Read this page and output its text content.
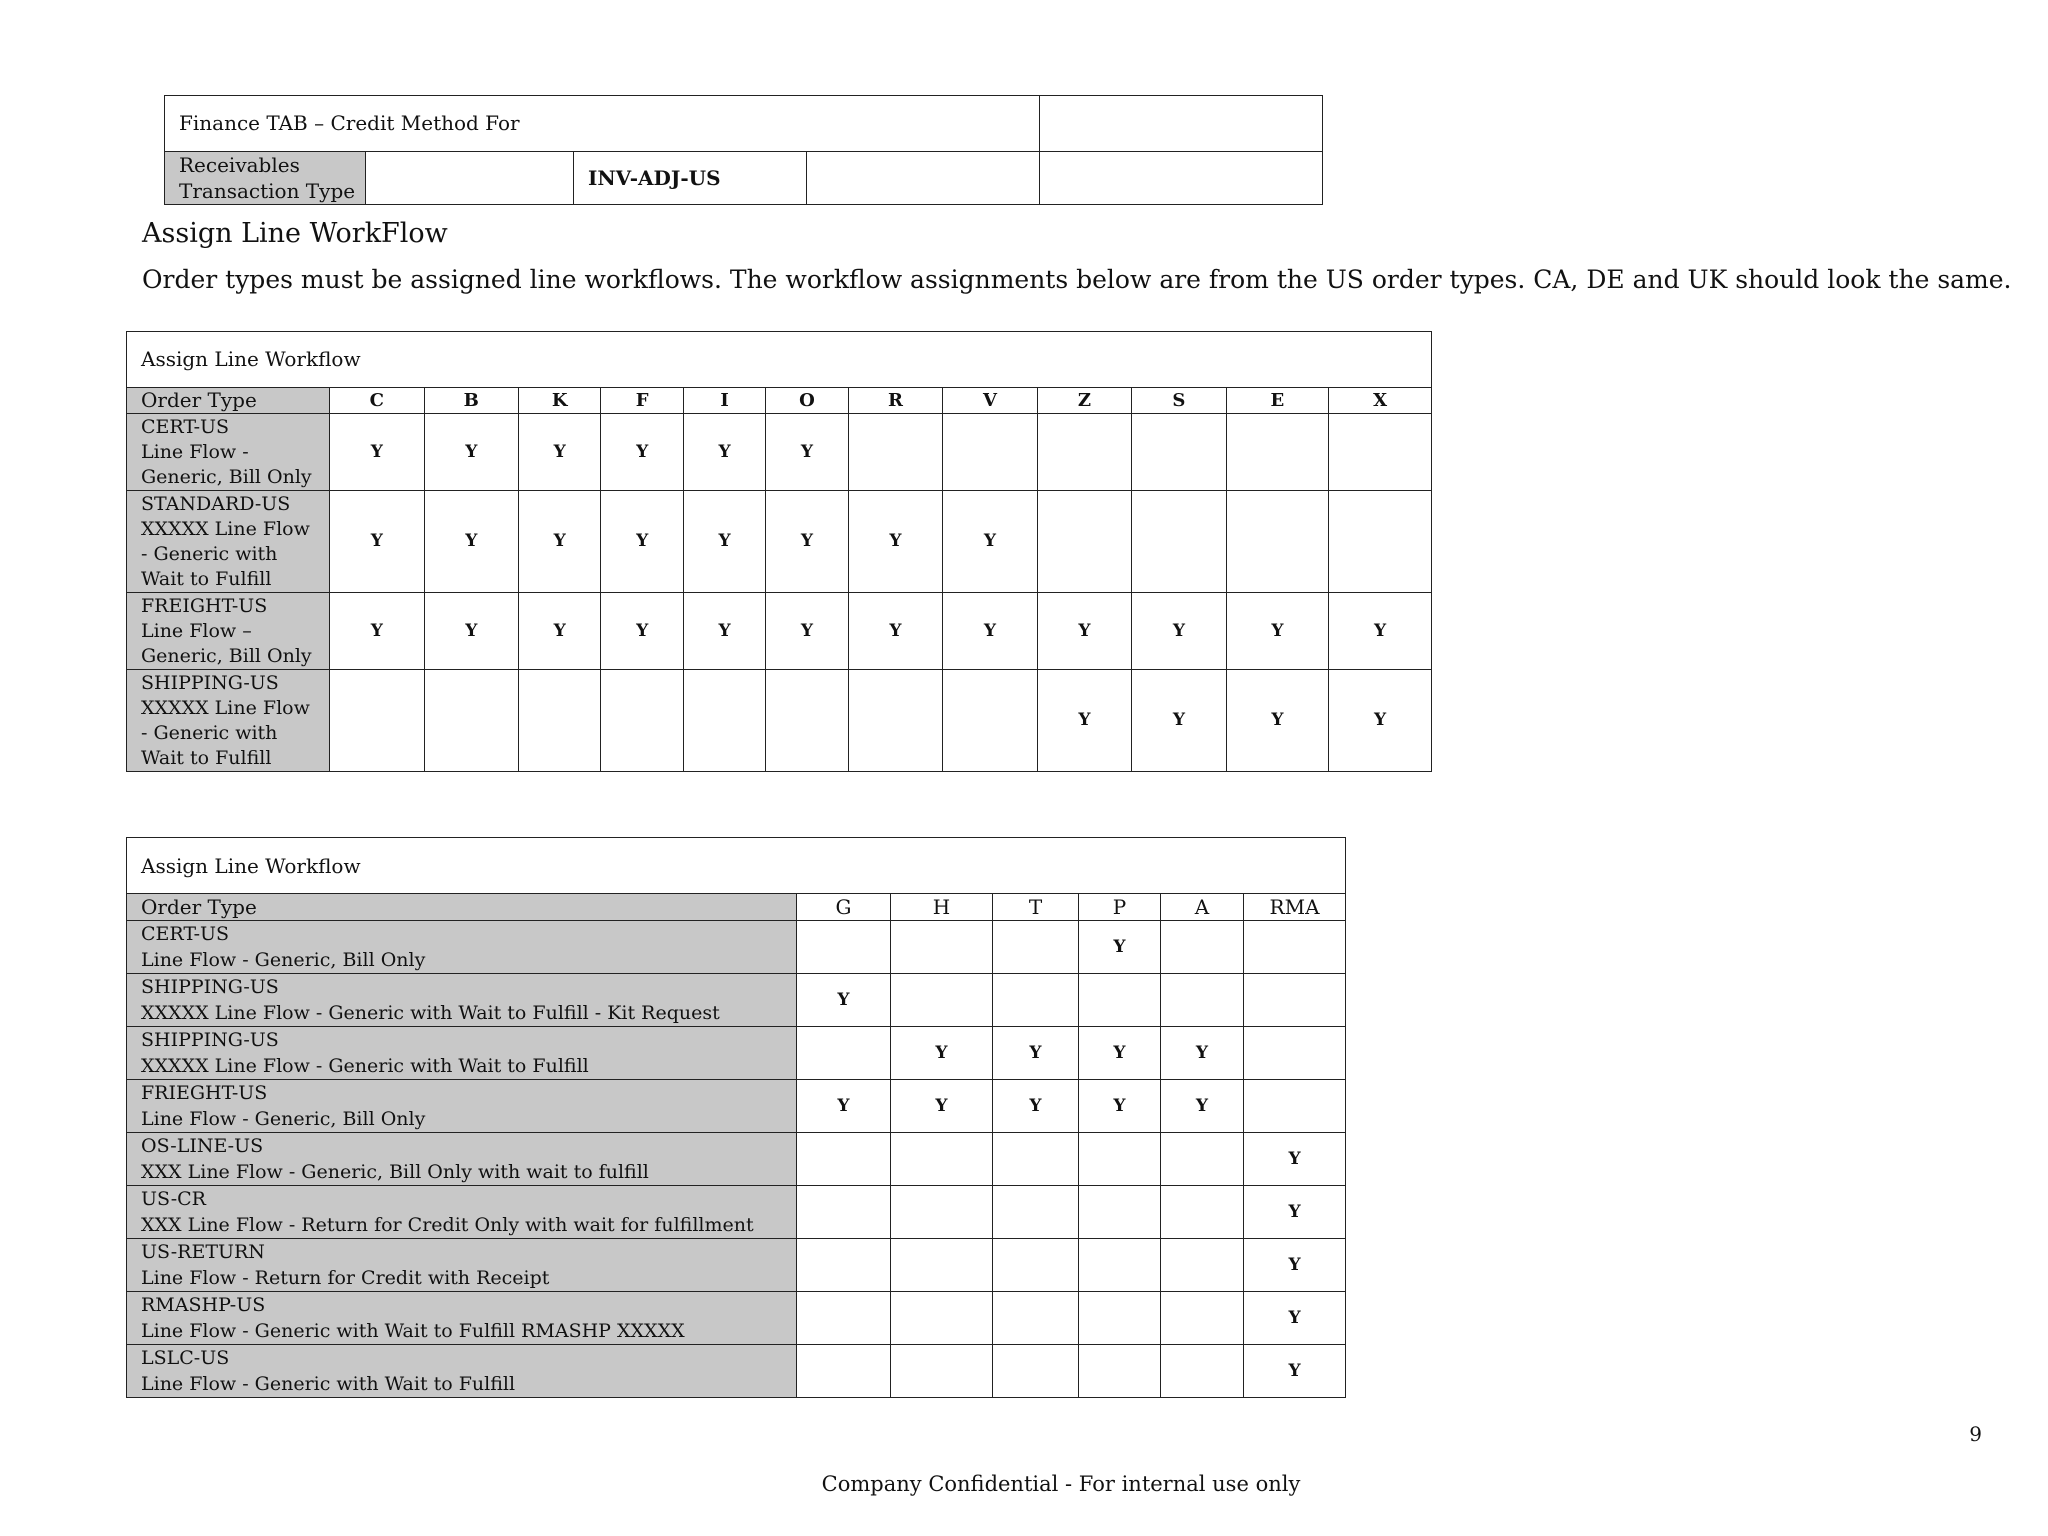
Finance TAB – Credit Method For				

Receivables
Transaction Type		INV-ADJ-US		

Assign Line WorkFlow

Order types must be assigned line workflows. The workflow assignments below are from the US order types. CA, DE and UK should look the same.

Assign Line Workflow												
Order Type	C	B	K	F	I	O	R	V	Z	S	E	X

CERT-US
Line Flow -
Generic, Bill Only	Y	Y	Y	Y	Y	Y						

STANDARD-US
XXXXX Line Flow
- Generic with
Wait to Fulfill	Y	Y	Y	Y	Y	Y	Y	Y				

FREIGHT-US
Line Flow –
Generic, Bill Only	Y	Y	Y	Y	Y	Y	Y	Y	Y	Y	Y	Y

SHIPPING-US
XXXXX Line Flow
- Generic with
Wait to Fulfill									Y	Y	Y	Y
Assign Line Workflow						
Order Type	G	H	T	P	A	RMA

CERT-US
Line Flow - Generic, Bill Only				Y		

SHIPPING-US
XXXXX Line Flow - Generic with Wait to Fulfill - Kit Request	Y					

SHIPPING-US
XXXXX Line Flow - Generic with Wait to Fulfill		Y	Y	Y	Y	

FRIEGHT-US
Line Flow - Generic, Bill Only	Y	Y	Y	Y	Y	

OS-LINE-US
XXX Line Flow - Generic, Bill Only with wait to fulfill						Y

US-CR
XXX Line Flow - Return for Credit Only with wait for fulfillment						Y

US-RETURN
Line Flow - Return for Credit with Receipt						Y

RMASHP-US
Line Flow - Generic with Wait to Fulfill RMASHP XXXXX						Y

LSLC-US
Line Flow - Generic with Wait to Fulfill						Y
9
Company Confidential - For internal use only
